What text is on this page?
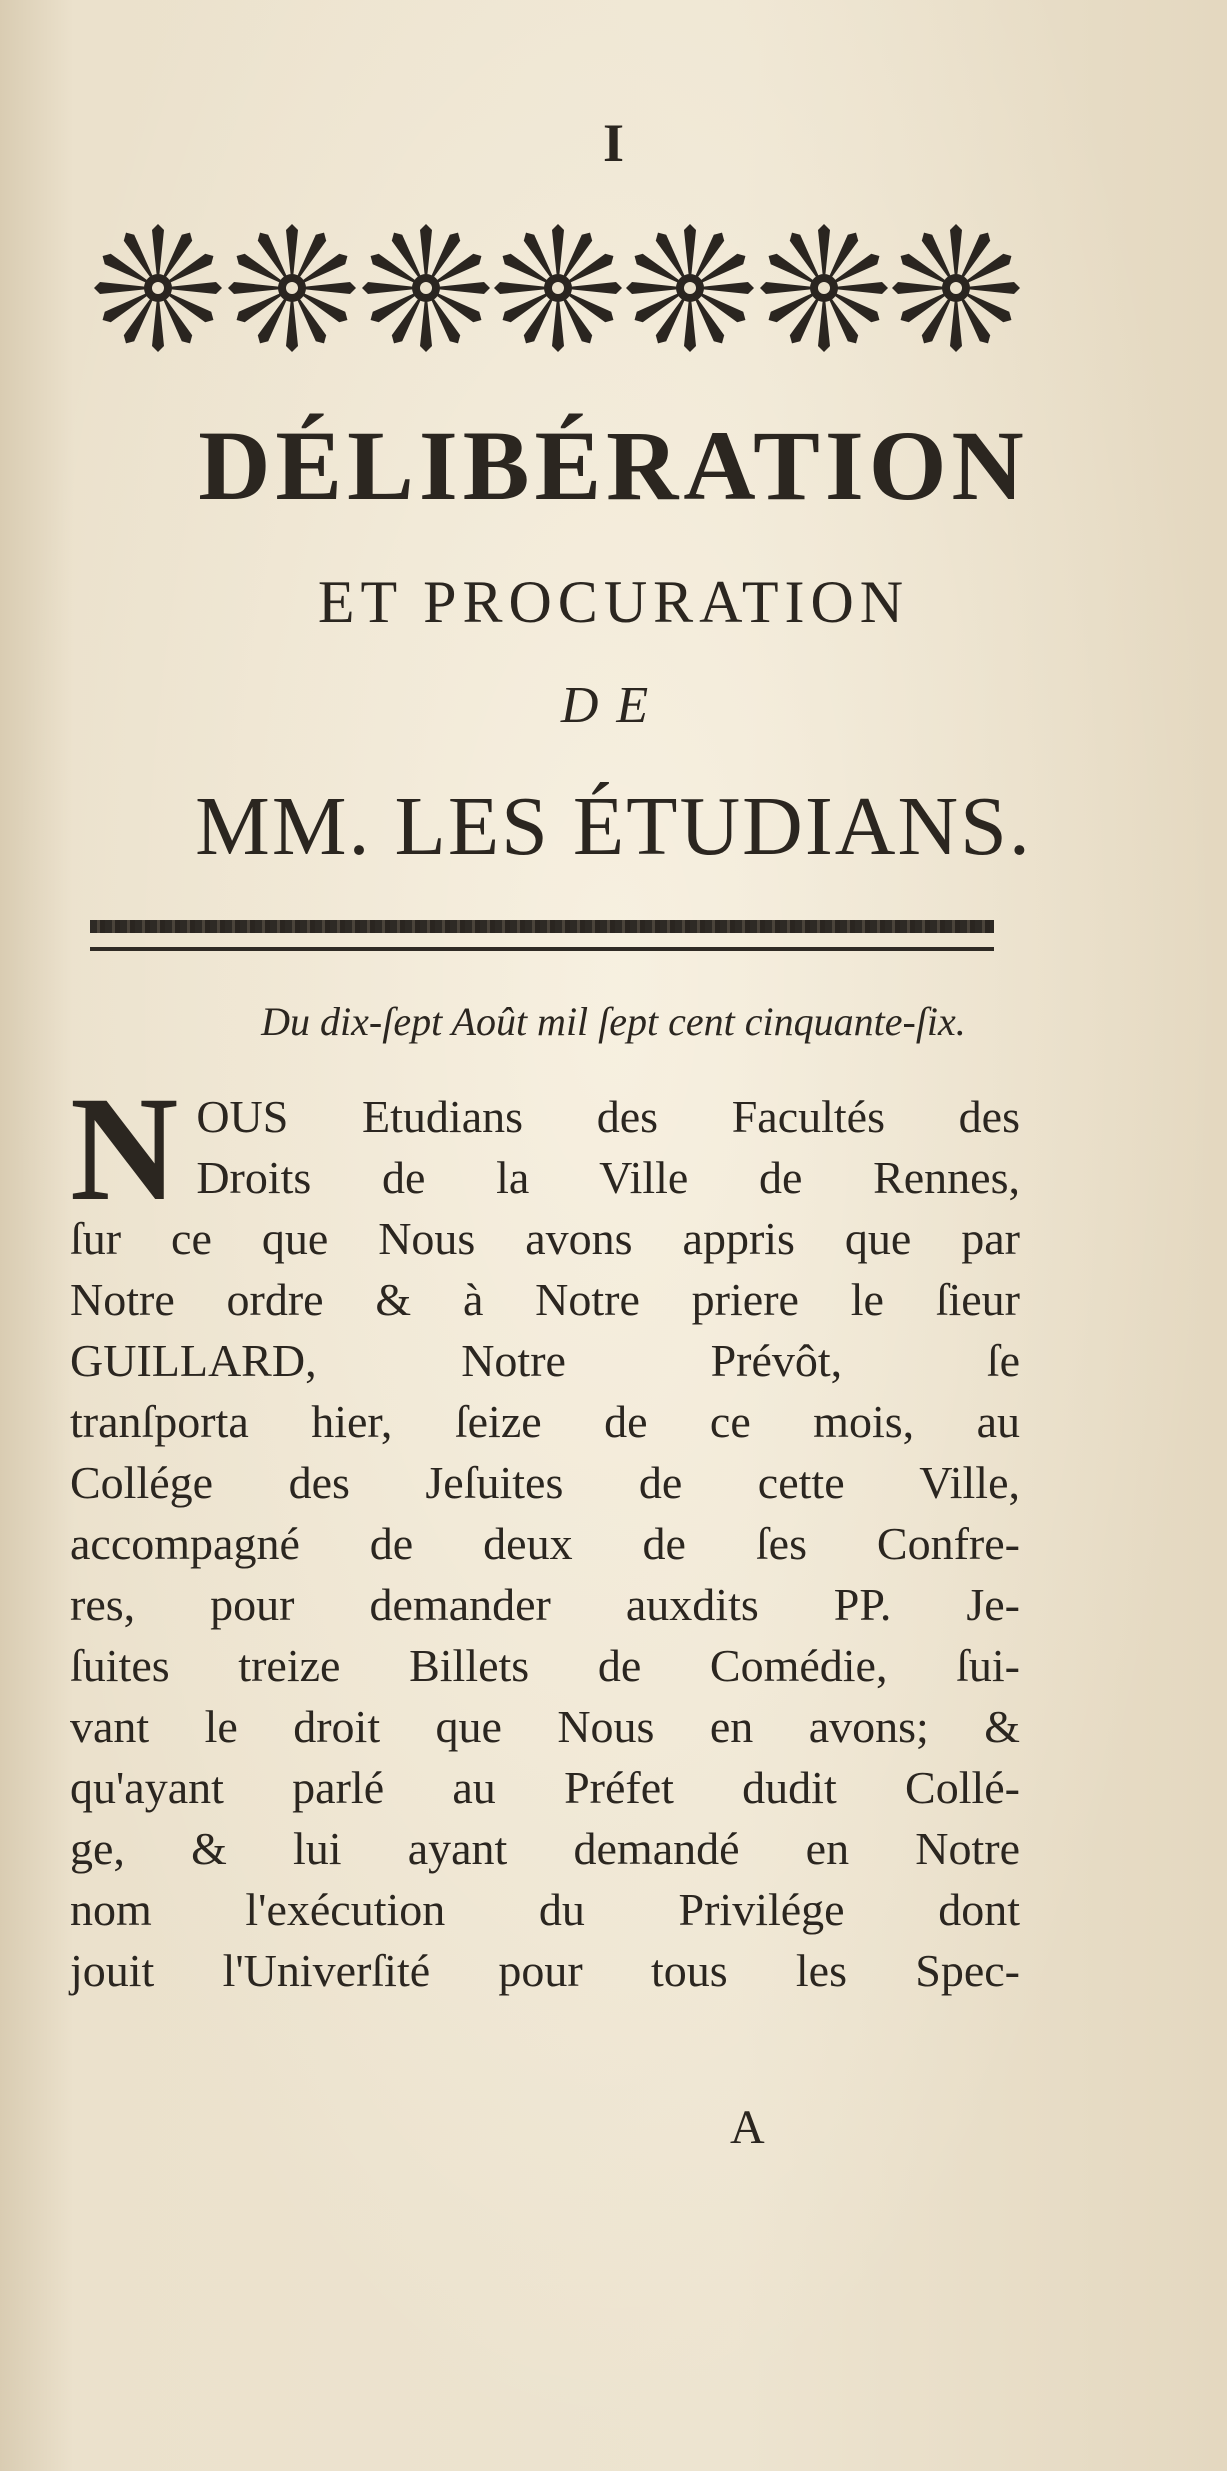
I
DÉLIBÉRATION
ET PROCURATION
DE
MM. LES ÉTUDIANS.
Du dix-ſept Août mil ſept cent cinquante-ſix.
N OUS Etudians des Facultés des
Droits de la Ville de Rennes,
ſur ce que Nous avons appris que par
Notre ordre & à Notre priere le ſieur
GUILLARD, Notre Prévôt, ſe
tranſporta hier, ſeize de ce mois, au
Collége des Jeſuites de cette Ville,
accompagné de deux de ſes Confre-
res, pour demander auxdits PP. Je-
ſuites treize Billets de Comédie, ſui-
vant le droit que Nous en avons; &
qu'ayant parlé au Préfet dudit Collé-
ge, & lui ayant demandé en Notre
nom l'exécution du Privilége dont
jouit l'Univerſité pour tous les Spec-
A
